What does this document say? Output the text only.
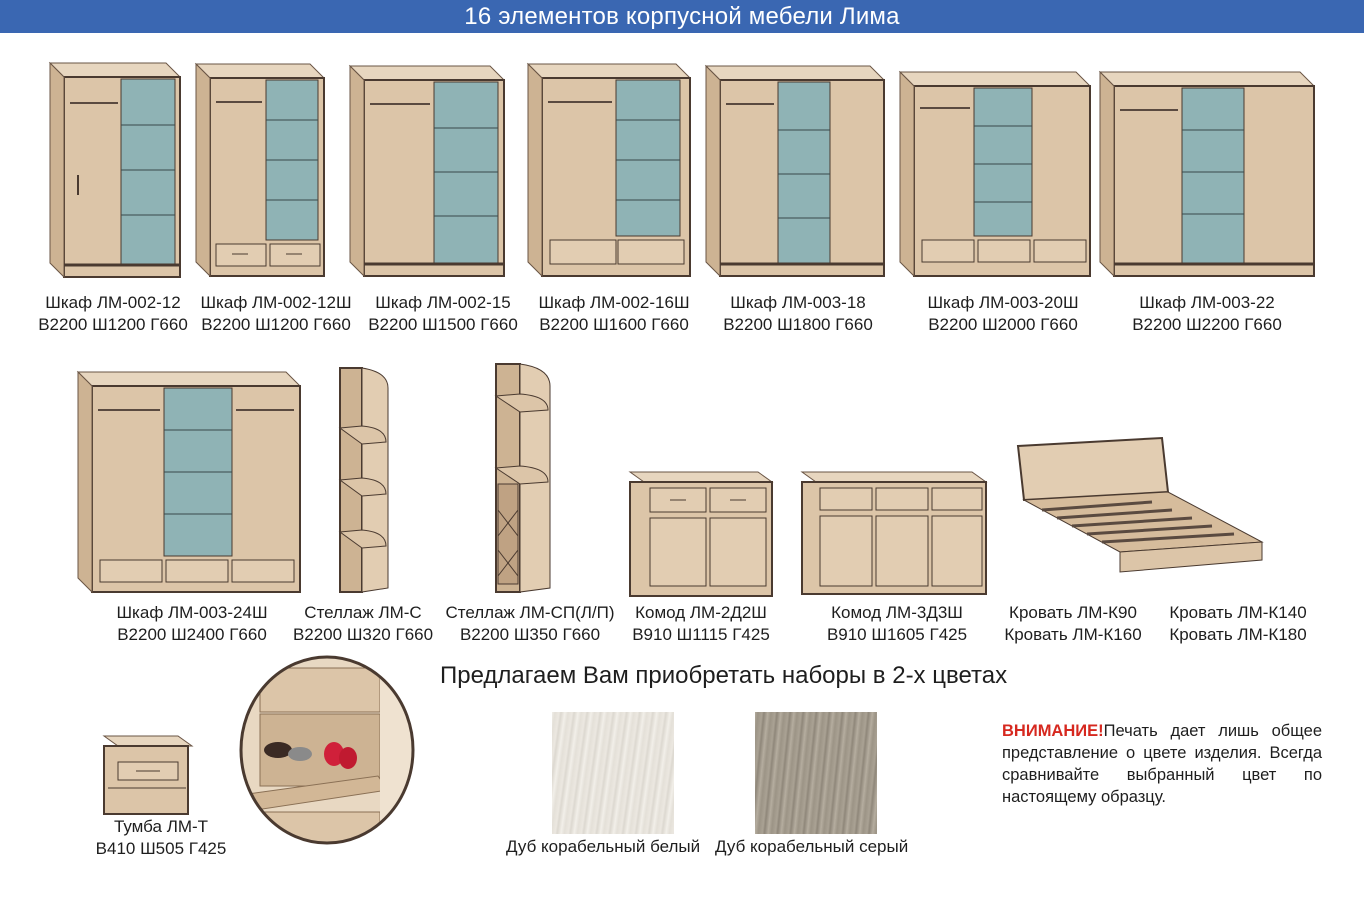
16 элементов корпусной мебели Лима
Шкаф ЛМ-002-12
В2200 Ш1200 Г660
Шкаф ЛМ-002-12Ш
В2200 Ш1200 Г660
Шкаф ЛМ-002-15
В2200 Ш1500 Г660
Шкаф ЛМ-002-16Ш
В2200 Ш1600 Г660
Шкаф ЛМ-003-18
В2200 Ш1800 Г660
Шкаф ЛМ-003-20Ш
В2200 Ш2000 Г660
Шкаф ЛМ-003-22
В2200 Ш2200 Г660
Шкаф ЛМ-003-24Ш
В2200 Ш2400 Г660
Стеллаж ЛМ-С
В2200 Ш320 Г660
Стеллаж ЛМ-СП(Л/П)
В2200 Ш350 Г660
Комод ЛМ-2Д2Ш
В910 Ш1115 Г425
Комод ЛМ-3Д3Ш
В910 Ш1605 Г425
Кровать ЛМ-К90
Кровать ЛМ-К160
Кровать ЛМ-К140
Кровать ЛМ-К180
Тумба ЛМ-Т
В410 Ш505 Г425
Предлагаем Вам приобретать наборы в 2-х цветах
Дуб корабельный белый Дуб корабельный серый
ВНИМАНИЕ!Печать дает лишь общее представление о цвете изделия. Всегда сравнивайте выбранный цвет по настоящему образцу.
